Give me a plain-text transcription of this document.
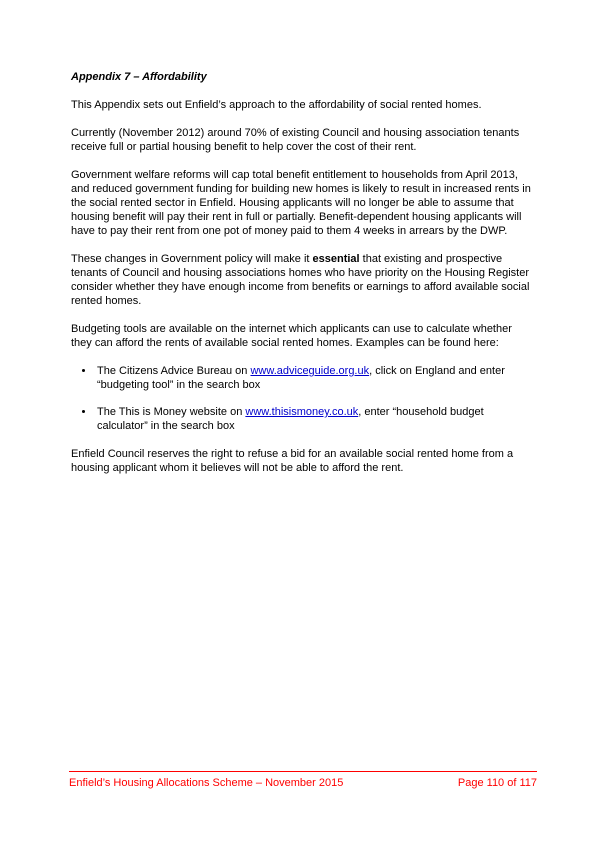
Appendix 7 – Affordability

This Appendix sets out Enfield’s approach to the affordability of social rented homes.

Currently (November 2012) around 70% of existing Council and housing association tenants receive full or partial housing benefit to help cover the cost of their rent.

Government welfare reforms will cap total benefit entitlement to households from April 2013, and reduced government funding for building new homes is likely to result in increased rents in the social rented sector in Enfield. Housing applicants will no longer be able to assume that housing benefit will pay their rent in full or partially. Benefit-dependent housing applicants will have to pay their rent from one pot of money paid to them 4 weeks in arrears by the DWP.

These changes in Government policy will make it essential that existing and prospective tenants of Council and housing associations homes who have priority on the Housing Register consider whether they have enough income from benefits or earnings to afford available social rented homes.

Budgeting tools are available on the internet which applicants can use to calculate whether they can afford the rents of available social rented homes. Examples can be found here:

• The Citizens Advice Bureau on www.adviceguide.org.uk, click on England and enter “budgeting tool” in the search box
• The This is Money website on www.thisismoney.co.uk, enter “household budget calculator” in the search box

Enfield Council reserves the right to refuse a bid for an available social rented home from a housing applicant whom it believes will not be able to afford the rent.

Enfield’s Housing Allocations Scheme – November 2015	Page 110 of 117
